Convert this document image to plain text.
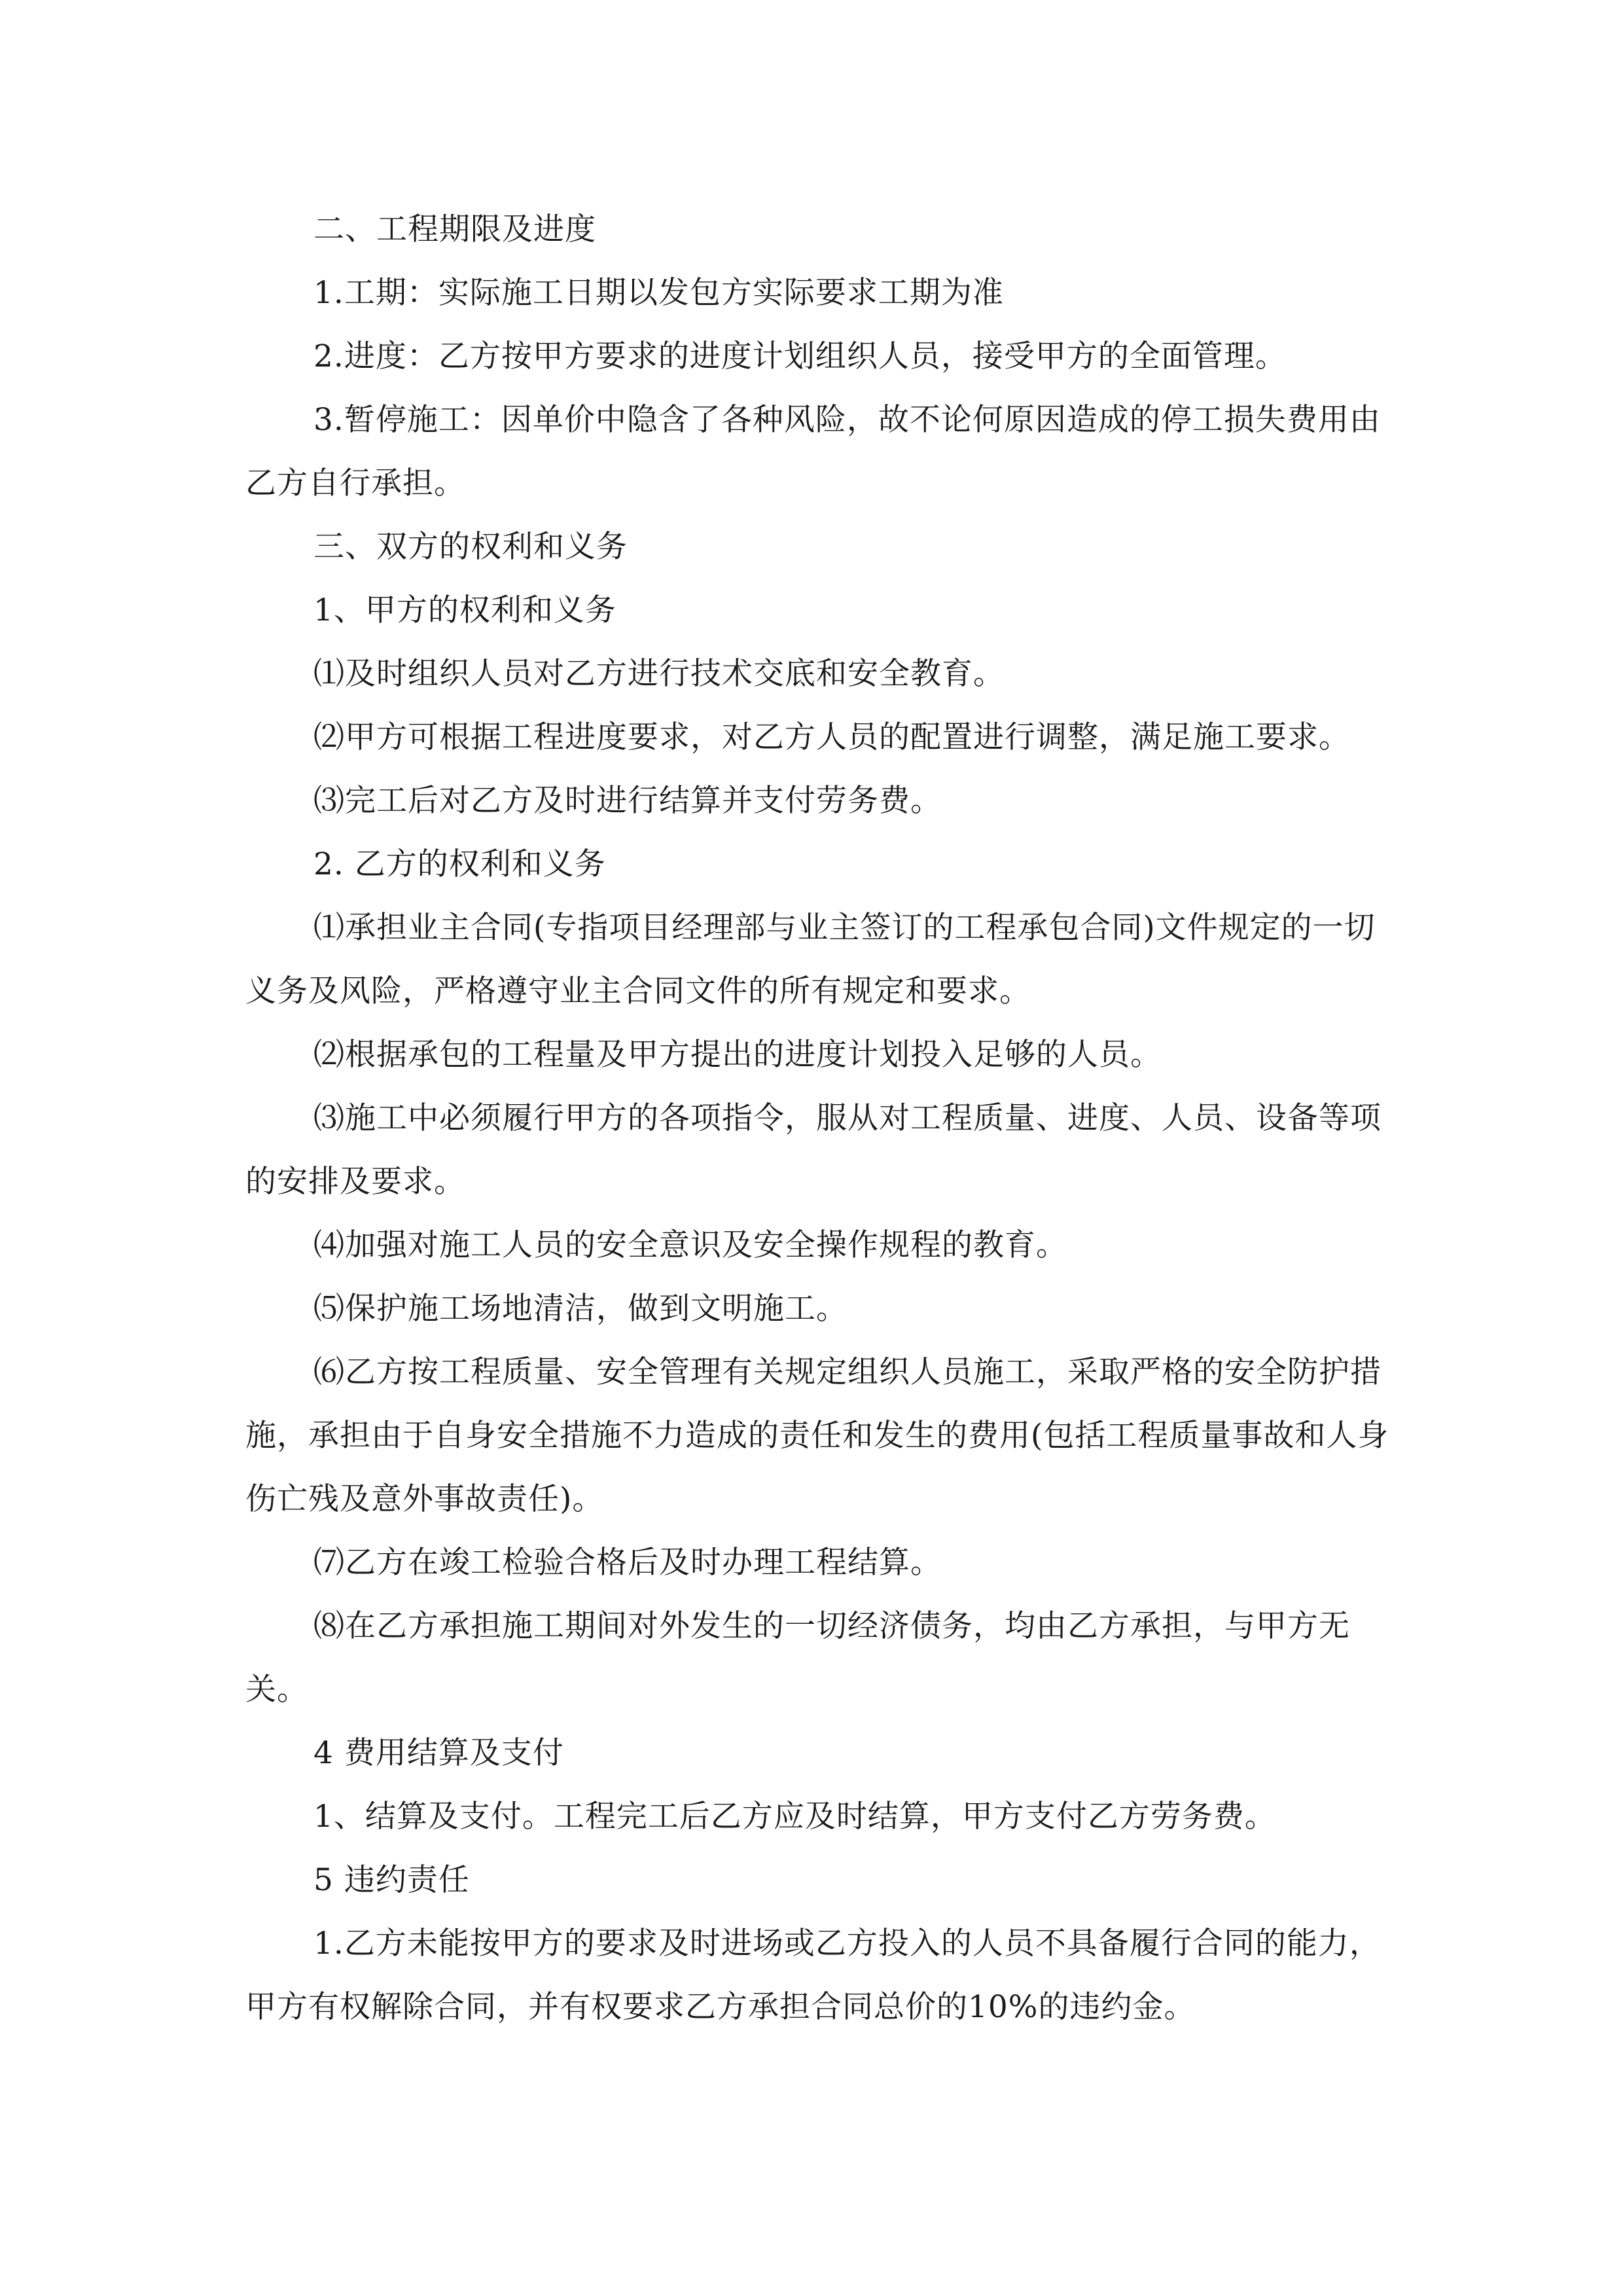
二、工程期限及进度

1.工期：实际施工日期以发包方实际要求工期为准

2.进度：乙方按甲方要求的进度计划组织人员，接受甲方的全面管理。

3.暂停施工：因单价中隐含了各种风险，故不论何原因造成的停工损失费用由乙方自行承担。

三、双方的权利和义务

1、甲方的权利和义务

⑴及时组织人员对乙方进行技术交底和安全教育。

⑵甲方可根据工程进度要求，对乙方人员的配置进行调整，满足施工要求。

⑶完工后对乙方及时进行结算并支付劳务费。

2. 乙方的权利和义务

⑴承担业主合同(专指项目经理部与业主签订的工程承包合同)文件规定的一切义务及风险，严格遵守业主合同文件的所有规定和要求。

⑵根据承包的工程量及甲方提出的进度计划投入足够的人员。

⑶施工中必须履行甲方的各项指令，服从对工程质量、进度、人员、设备等项的安排及要求。

⑷加强对施工人员的安全意识及安全操作规程的教育。

⑸保护施工场地清洁，做到文明施工。

⑹乙方按工程质量、安全管理有关规定组织人员施工，采取严格的安全防护措施，承担由于自身安全措施不力造成的责任和发生的费用(包括工程质量事故和人身伤亡残及意外事故责任)。

⑺乙方在竣工检验合格后及时办理工程结算。

⑻在乙方承担施工期间对外发生的一切经济债务，均由乙方承担，与甲方无关。

4 费用结算及支付

1、结算及支付。工程完工后乙方应及时结算，甲方支付乙方劳务费。

5 违约责任

1.乙方未能按甲方的要求及时进场或乙方投入的人员不具备履行合同的能力，甲方有权解除合同，并有权要求乙方承担合同总价的10%的违约金。
